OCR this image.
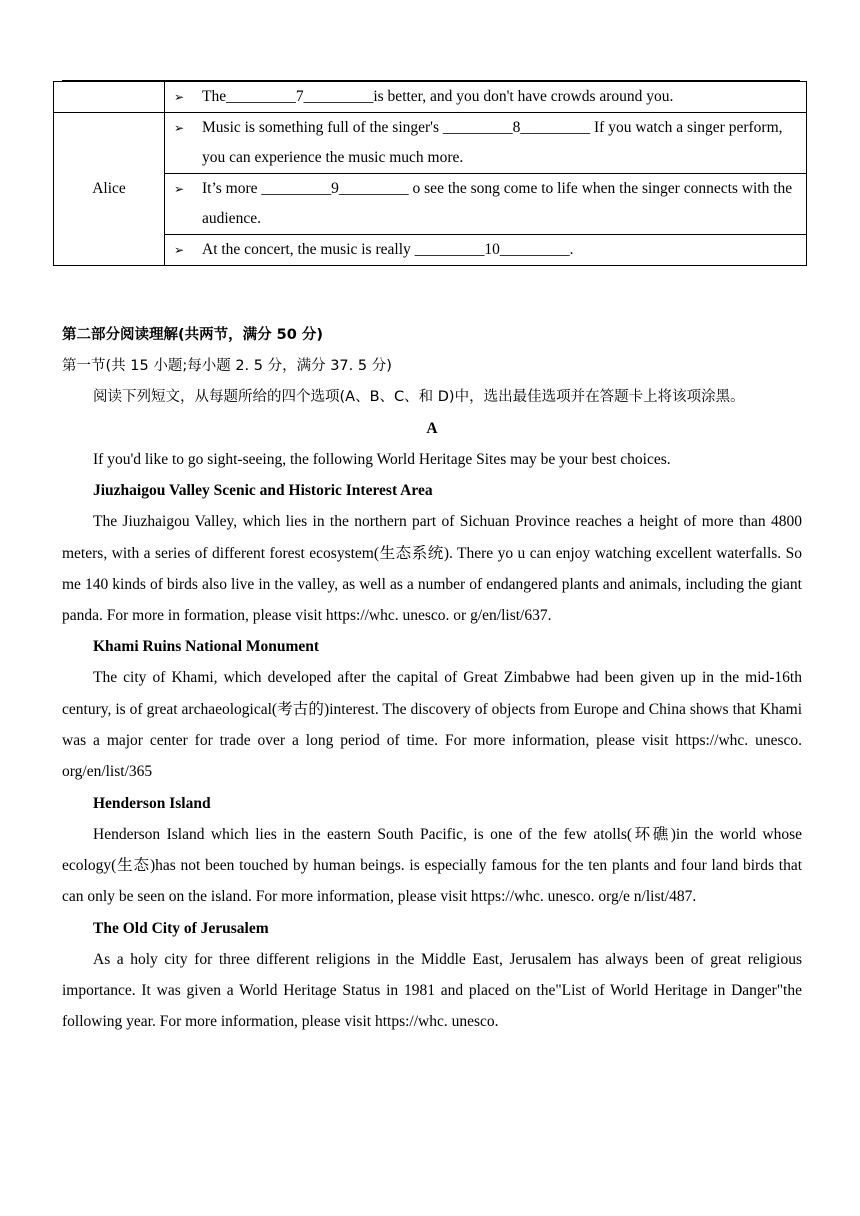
	➢ The_________7_________is better, and you don't have crowds around you.

Alice	➢ Music is something full of the singer's _________8_________ If you watch a singer perform, you can experience the music much more.

	➢ It’s more _________9_________ o see the song come to life when the singer connects with the audience.

	➢ At the concert, the music is really _________10_________.
第二部分阅读理解(共两节，满分 50 分)
第一节(共 15 小题;每小题 2. 5 分，满分 37. 5 分)
阅读下列短文，从每题所给的四个选项(A、B、C、和 D)中，选出最佳选项并在答题卡上将该项涂黑。
A
If you'd like to go sight-seeing, the following World Heritage Sites may be your best choices.
Jiuzhaigou Valley Scenic and Historic Interest Area
The Jiuzhaigou Valley, which lies in the northern part of Sichuan Province reaches a height of more than 4800 meters, with a series of different forest ecosystem(生态系统). There yo u can enjoy watching excellent waterfalls. So me 140 kinds of birds also live in the valley, as well as a number of endangered plants and animals, including the giant panda. For more in formation, please visit https://whc. unesco. or g/en/list/637.
Khami Ruins National Monument
The city of Khami, which developed after the capital of Great Zimbabwe had been given up in the mid-16th century, is of great archaeological(考古的)interest. The discovery of objects from Europe and China shows that Khami was a major center for trade over a long period of time. For more information, please visit https://whc. unesco. org/en/list/365
Henderson Island
Henderson Island which lies in the eastern South Pacific, is one of the few atolls(环礁)in the world whose ecology(生态)has not been touched by human beings. is especially famous for the ten plants and four land birds that can only be seen on the island. For more information, please visit https://whc. unesco. org/e n/list/487.
The Old City of Jerusalem
As a holy city for three different religions in the Middle East, Jerusalem has always been of great religious importance. It was given a World Heritage Status in 1981 and placed on the"List of World Heritage in Danger"the following year. For more information, please visit https://whc. unesco.
